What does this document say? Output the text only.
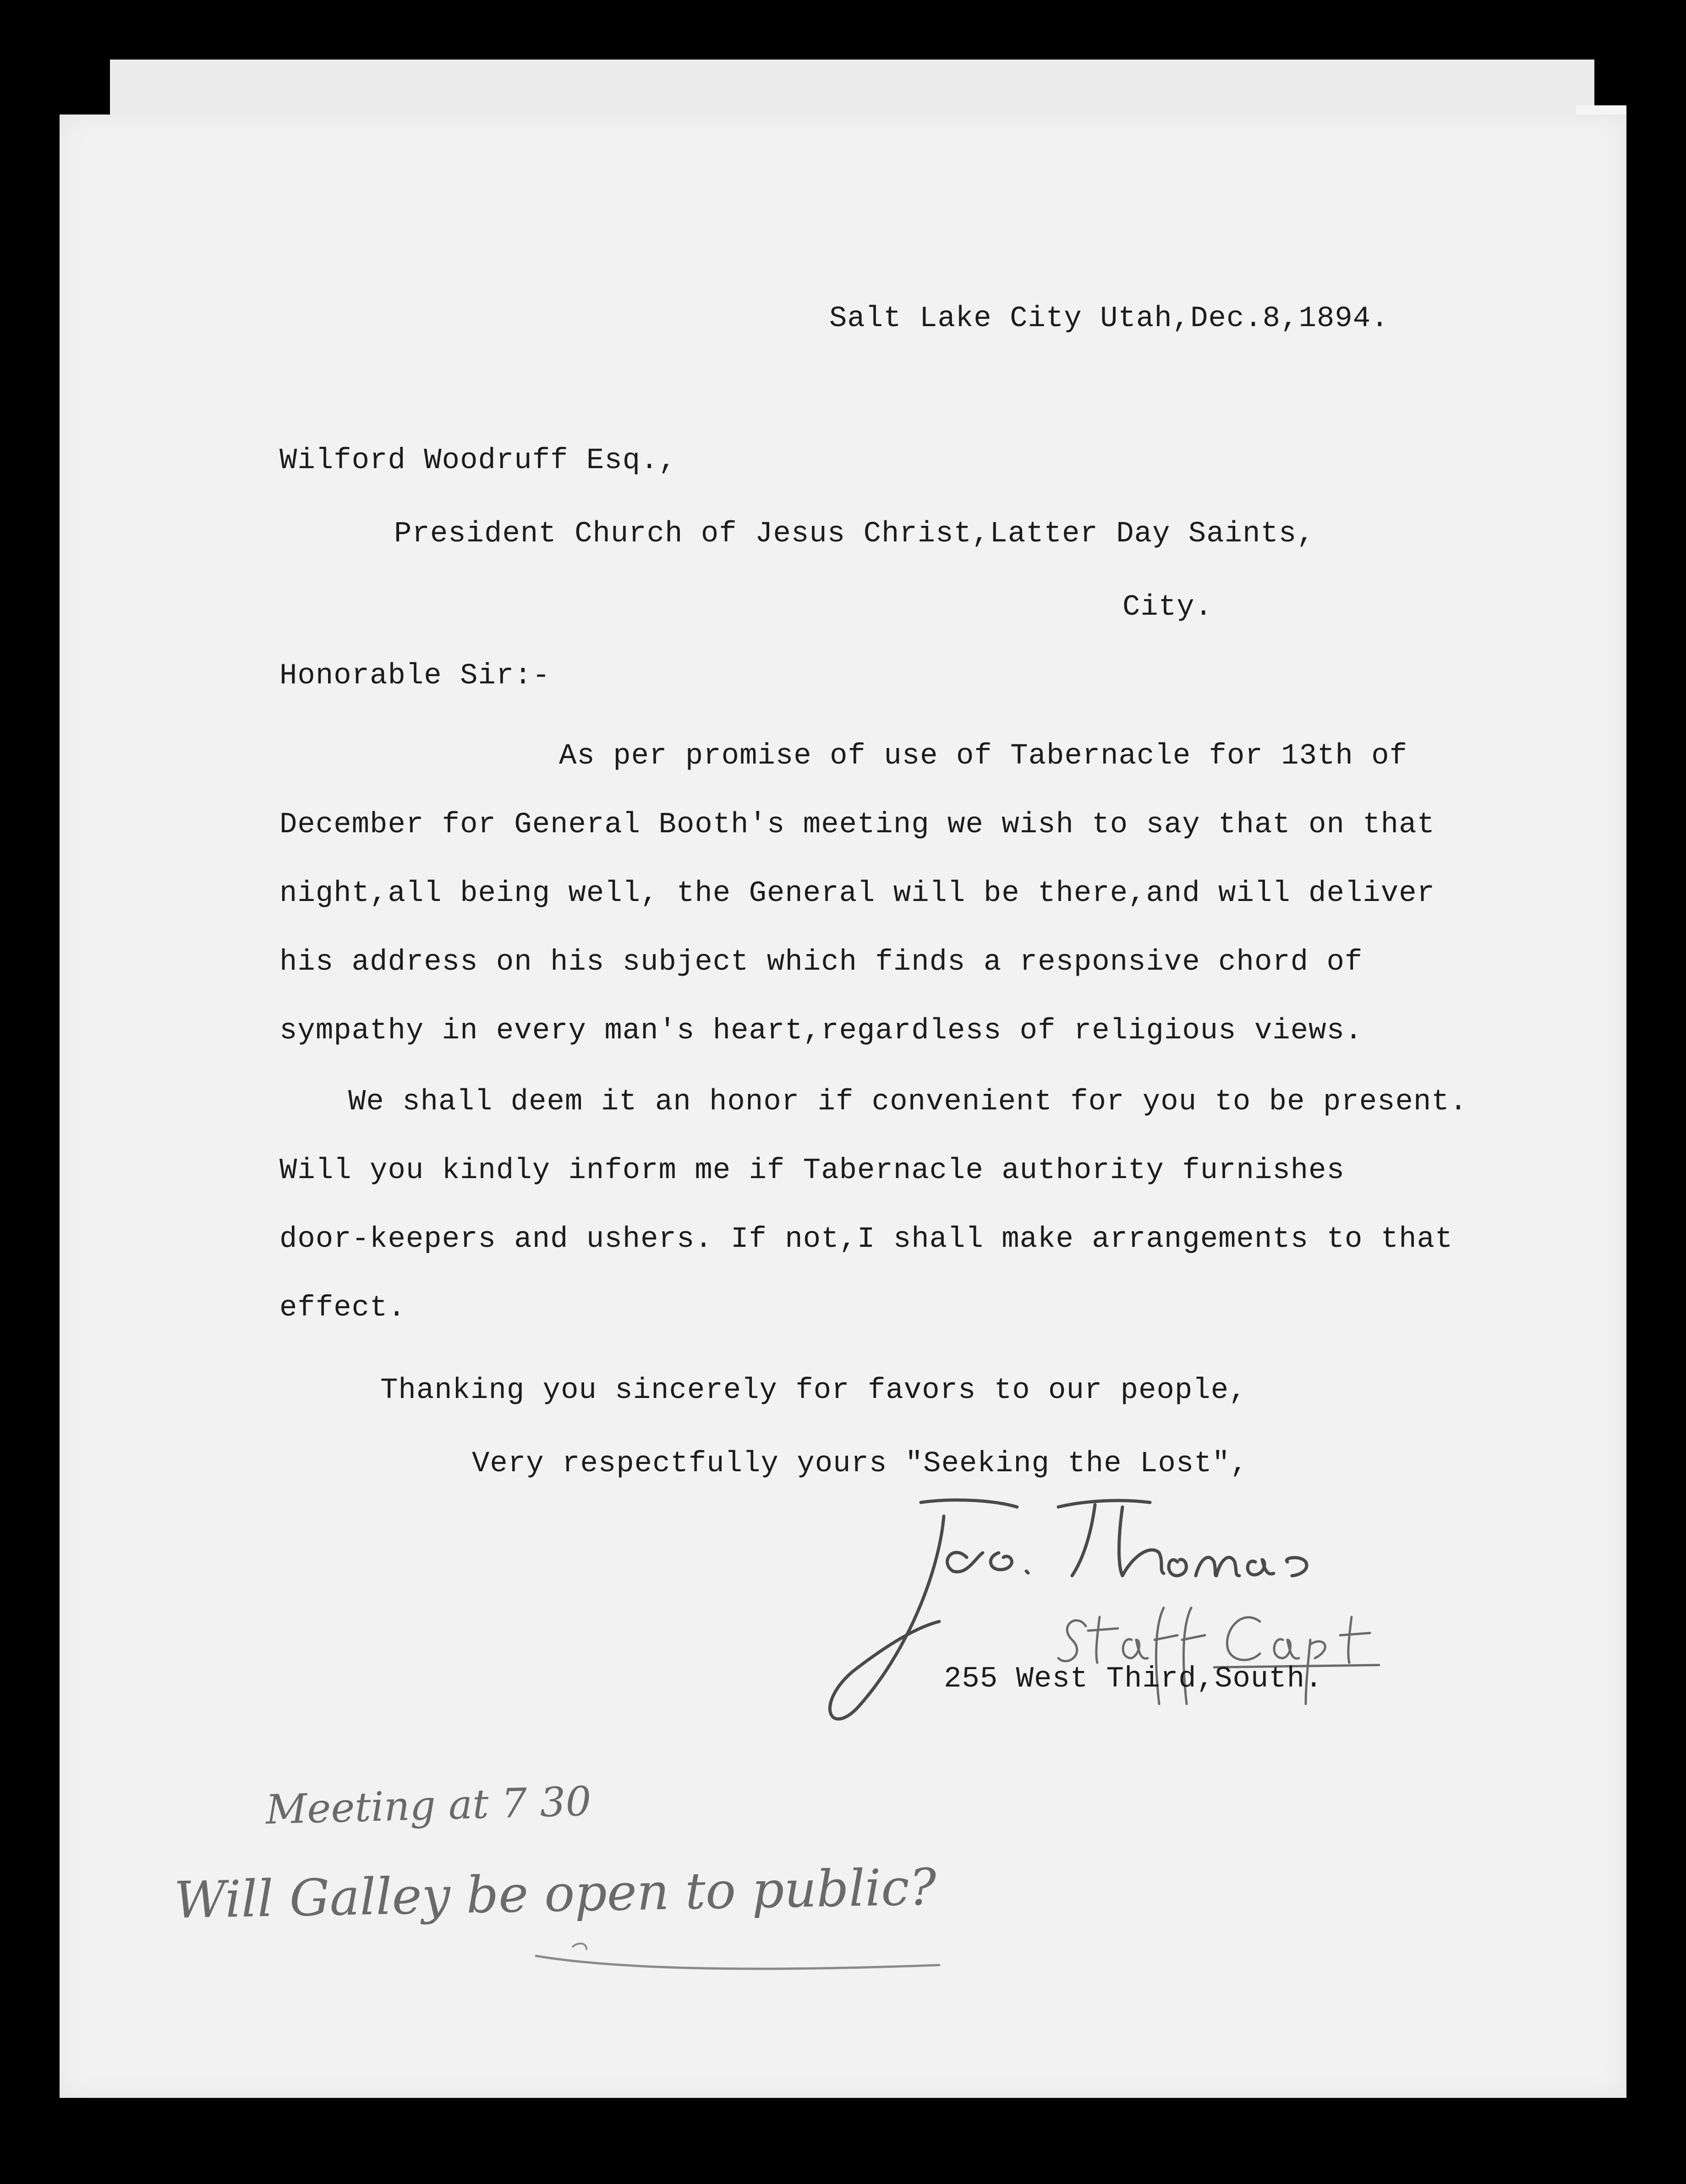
Salt Lake City Utah,Dec.8,1894.
Wilford Woodruff Esq.,
President Church of Jesus Christ,Latter Day Saints,
City.
Honorable Sir:-
As per promise of use of Tabernacle for 13th of
December for General Booth's meeting we wish to say that on that
night,all being well, the General will be there,and will deliver
his address on his subject which finds a responsive chord of
sympathy in every man's heart,regardless of religious views.
We shall deem it an honor if convenient for you to be present.
Will you kindly inform me if Tabernacle authority furnishes
door-keepers and ushers. If not,I shall make arrangements to that
effect.
Thanking you sincerely for favors to our people,
Very respectfully yours "Seeking the Lost",
255 West Third,South.
Meeting at 7 30
Will Galley be open to public?
